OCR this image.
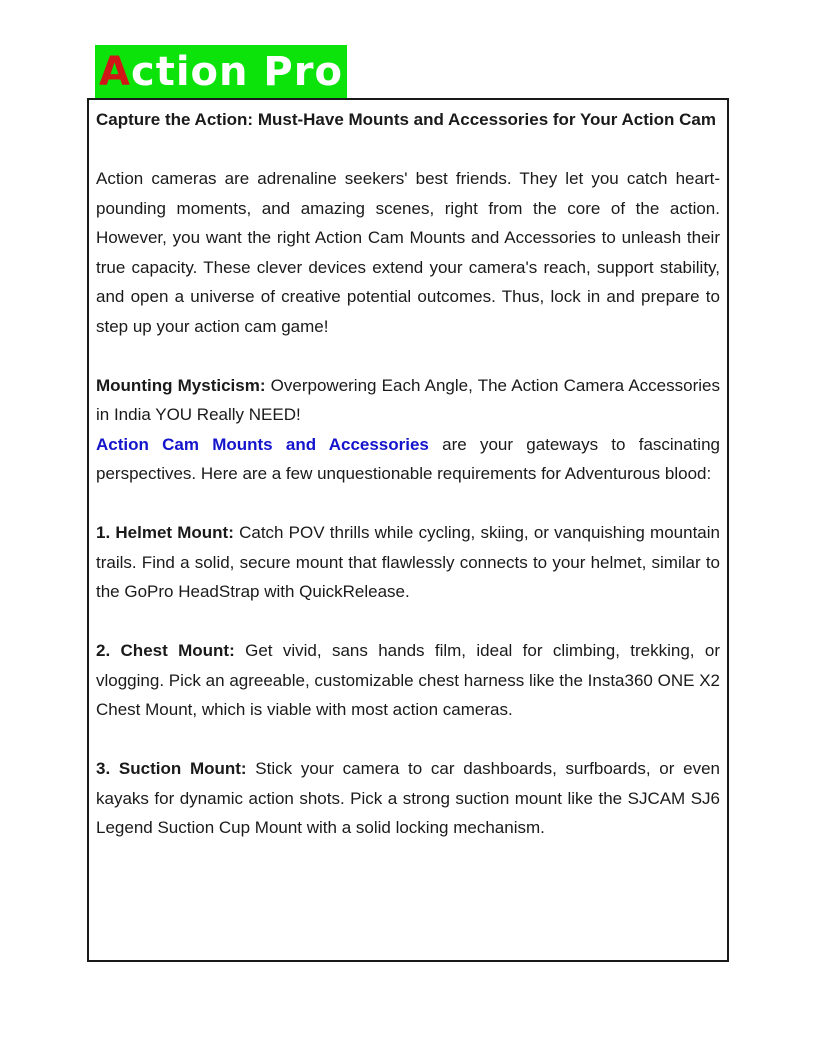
A ction Pro

Capture the Action: Must-Have Mounts and Accessories for Your Action Cam

Action cameras are adrenaline seekers' best friends. They let you catch heart-pounding moments, and amazing scenes, right from the core of the action. However, you want the right Action Cam Mounts and Accessories to unleash their true capacity. These clever devices extend your camera's reach, support stability, and open a universe of creative potential outcomes. Thus, lock in and prepare to step up your action cam game!

Mounting Mysticism: Overpowering Each Angle, The Action Camera Accessories in India YOU Really NEED!

Action Cam Mounts and Accessories are your gateways to fascinating perspectives. Here are a few unquestionable requirements for Adventurous blood:

1. Helmet Mount: Catch POV thrills while cycling, skiing, or vanquishing mountain trails. Find a solid, secure mount that flawlessly connects to your helmet, similar to the GoPro HeadStrap with QuickRelease.

2. Chest Mount: Get vivid, sans hands film, ideal for climbing, trekking, or vlogging. Pick an agreeable, customizable chest harness like the Insta360 ONE X2 Chest Mount, which is viable with most action cameras.

3. Suction Mount: Stick your camera to car dashboards, surfboards, or even kayaks for dynamic action shots. Pick a strong suction mount like the SJCAM SJ6 Legend Suction Cup Mount with a solid locking mechanism.
